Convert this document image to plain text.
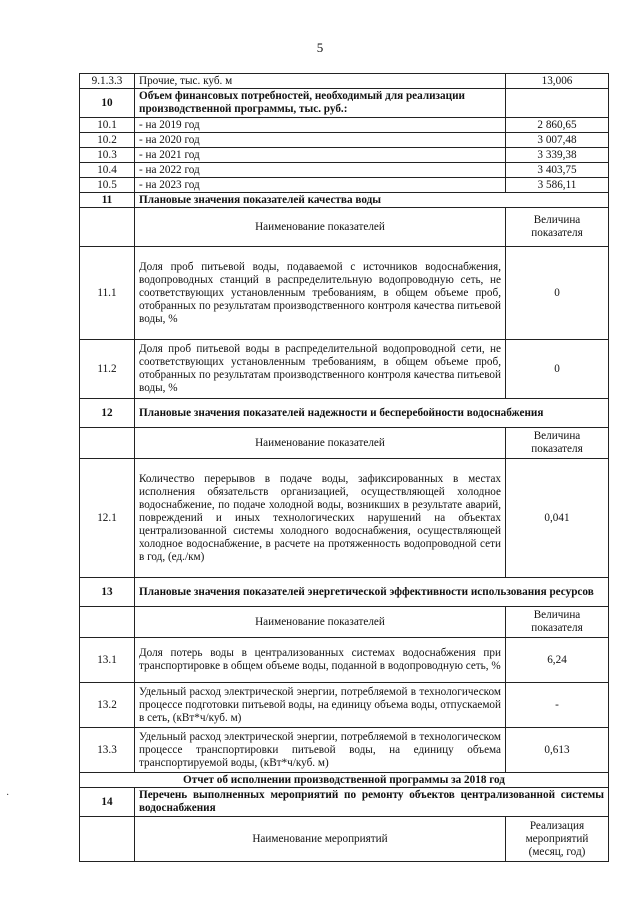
5
9.1.3.3	Прочие, тыс. куб. м	13,006
10	Объем финансовых потребностей, необходимый для реализации производственной программы, тыс. руб.:	
10.1	- на 2019 год	2 860,65
10.2	- на 2020 год	3 007,48
10.3	- на 2021 год	3 339,38
10.4	- на 2022 год	3 403,75
10.5	- на 2023 год	3 586,11
11	Плановые значения показателей качества воды	
	Наименование показателей	Величина показателя
11.1	Доля проб питьевой воды, подаваемой с источников водоснабжения, водопроводных станций в распределительную водопроводную сеть, не соответствующих установленным требованиям, в общем объеме проб, отобранных по результатам производственного контроля качества питьевой воды, %	0
11.2	Доля проб питьевой воды в распределительной водопроводной сети, не соответствующих установленным требованиям, в общем объеме проб, отобранных по результатам производственного контроля качества питьевой воды, %	0
12	Плановые значения показателей надежности и бесперебойности водоснабжения	
	Наименование показателей	Величина показателя
12.1	Количество перерывов в подаче воды, зафиксированных в местах исполнения обязательств организацией, осуществляющей холодное водоснабжение, по подаче холодной воды, возникших в результате аварий, повреждений и иных технологических нарушений на объектах централизованной системы холодного водоснабжения, осуществляющей холодное водоснабжение, в расчете на протяженность водопроводной сети в год, (ед./км)	0,041
13	Плановые значения показателей энергетической эффективности использования ресурсов	
	Наименование показателей	Величина показателя
13.1	Доля потерь воды в централизованных системах водоснабжения при транспортировке в общем объеме воды, поданной в водопроводную сеть, %	6,24
13.2	Удельный расход электрической энергии, потребляемой в технологическом процессе подготовки питьевой воды, на единицу объема воды, отпускаемой в сеть, (кВт*ч/куб. м)	-
13.3	Удельный расход электрической энергии, потребляемой в технологическом процессе транспортировки питьевой воды, на единицу объема транспортируемой воды, (кВт*ч/куб. м)	0,613
Отчет об исполнении производственной программы за 2018 год		
14	Перечень выполненных мероприятий по ремонту объектов централизованной системы водоснабжения	
	Наименование мероприятий	Реализация мероприятий (месяц, год)
·
